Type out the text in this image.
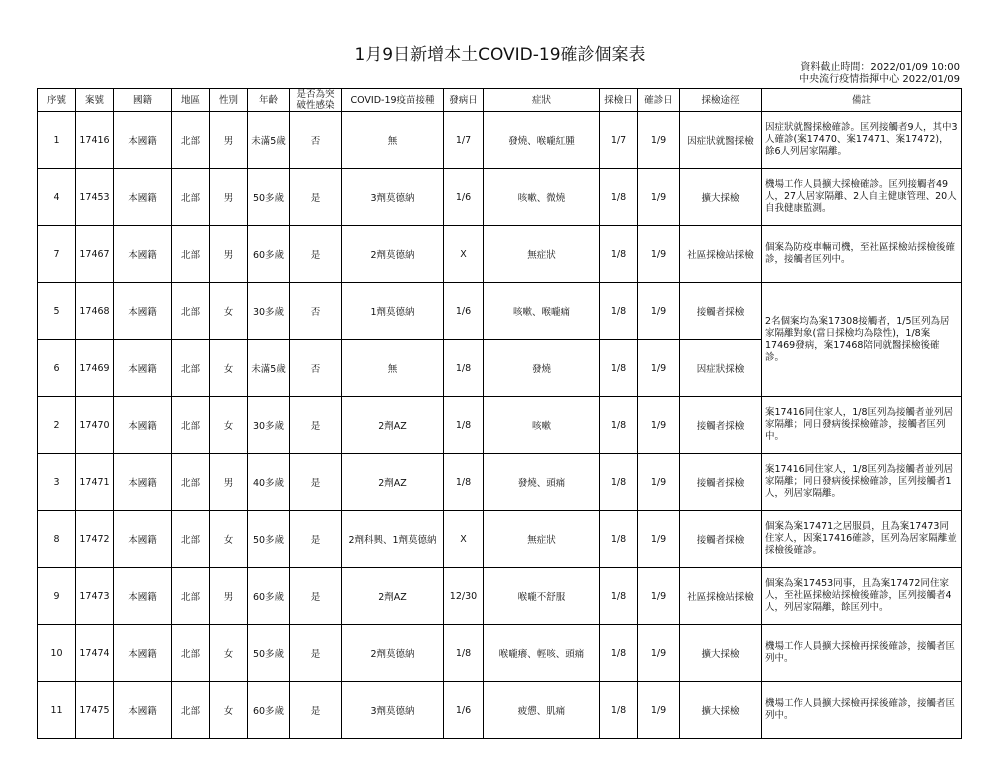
1月9日新增本土COVID-19確診個案表
資料截止時間：2022/01/09 10:00
中央流行疫情指揮中心 2022/01/09
序號	案號	國籍	地區	性別	年齡	是否為突破性感染	COVID-19疫苗接種	發病日	症狀	採檢日	確診日	採檢途徑	備註
1	17416	本國籍	北部	男	未滿5歲	否	無	1/7	發燒、喉嚨紅腫	1/7	1/9	因症狀就醫採檢	因症狀就醫採檢確診。匡列接觸者9人，其中3人確診(案17470、案17471、案17472)，餘6人列居家隔離。
4	17453	本國籍	北部	男	50多歲	是	3劑莫德納	1/6	咳嗽、微燒	1/8	1/9	擴大採檢	機場工作人員擴大採檢確診。匡列接觸者49人，27人居家隔離、2人自主健康管理、20人自我健康監測。
7	17467	本國籍	北部	男	60多歲	是	2劑莫德納	X	無症狀	1/8	1/9	社區採檢站採檢	個案為防疫車輛司機，至社區採檢站採檢後確診，接觸者匡列中。
5	17468	本國籍	北部	女	30多歲	否	1劑莫德納	1/6	咳嗽、喉嚨痛	1/8	1/9	接觸者採檢	2名個案均為案17308接觸者，1/5匡列為居家隔離對象(當日採檢均為陰性)，1/8案17469發病，案17468陪同就醫採檢後確診。
6	17469	本國籍	北部	女	未滿5歲	否	無	1/8	發燒	1/8	1/9	因症狀採檢	
2	17470	本國籍	北部	女	30多歲	是	2劑AZ	1/8	咳嗽	1/8	1/9	接觸者採檢	案17416同住家人，1/8匡列為接觸者並列居家隔離；同日發病後採檢確診，接觸者匡列中。
3	17471	本國籍	北部	男	40多歲	是	2劑AZ	1/8	發燒、頭痛	1/8	1/9	接觸者採檢	案17416同住家人，1/8匡列為接觸者並列居家隔離；同日發病後採檢確診，匡列接觸者1人，列居家隔離。
8	17472	本國籍	北部	女	50多歲	是	2劑科興、1劑莫德納	X	無症狀	1/8	1/9	接觸者採檢	個案為案17471之居服員，且為案17473同住家人，因案17416確診，匡列為居家隔離並採檢後確診。
9	17473	本國籍	北部	男	60多歲	是	2劑AZ	12/30	喉嚨不舒服	1/8	1/9	社區採檢站採檢	個案為案17453同事，且為案17472同住家人，至社區採檢站採檢後確診，匡列接觸者4人，列居家隔離，餘匡列中。
10	17474	本國籍	北部	女	50多歲	是	2劑莫德納	1/8	喉嚨癢、輕咳、頭痛	1/8	1/9	擴大採檢	機場工作人員擴大採檢再採後確診，接觸者匡列中。
11	17475	本國籍	北部	女	60多歲	是	3劑莫德納	1/6	疲憊、肌痛	1/8	1/9	擴大採檢	機場工作人員擴大採檢再採後確診，接觸者匡列中。
